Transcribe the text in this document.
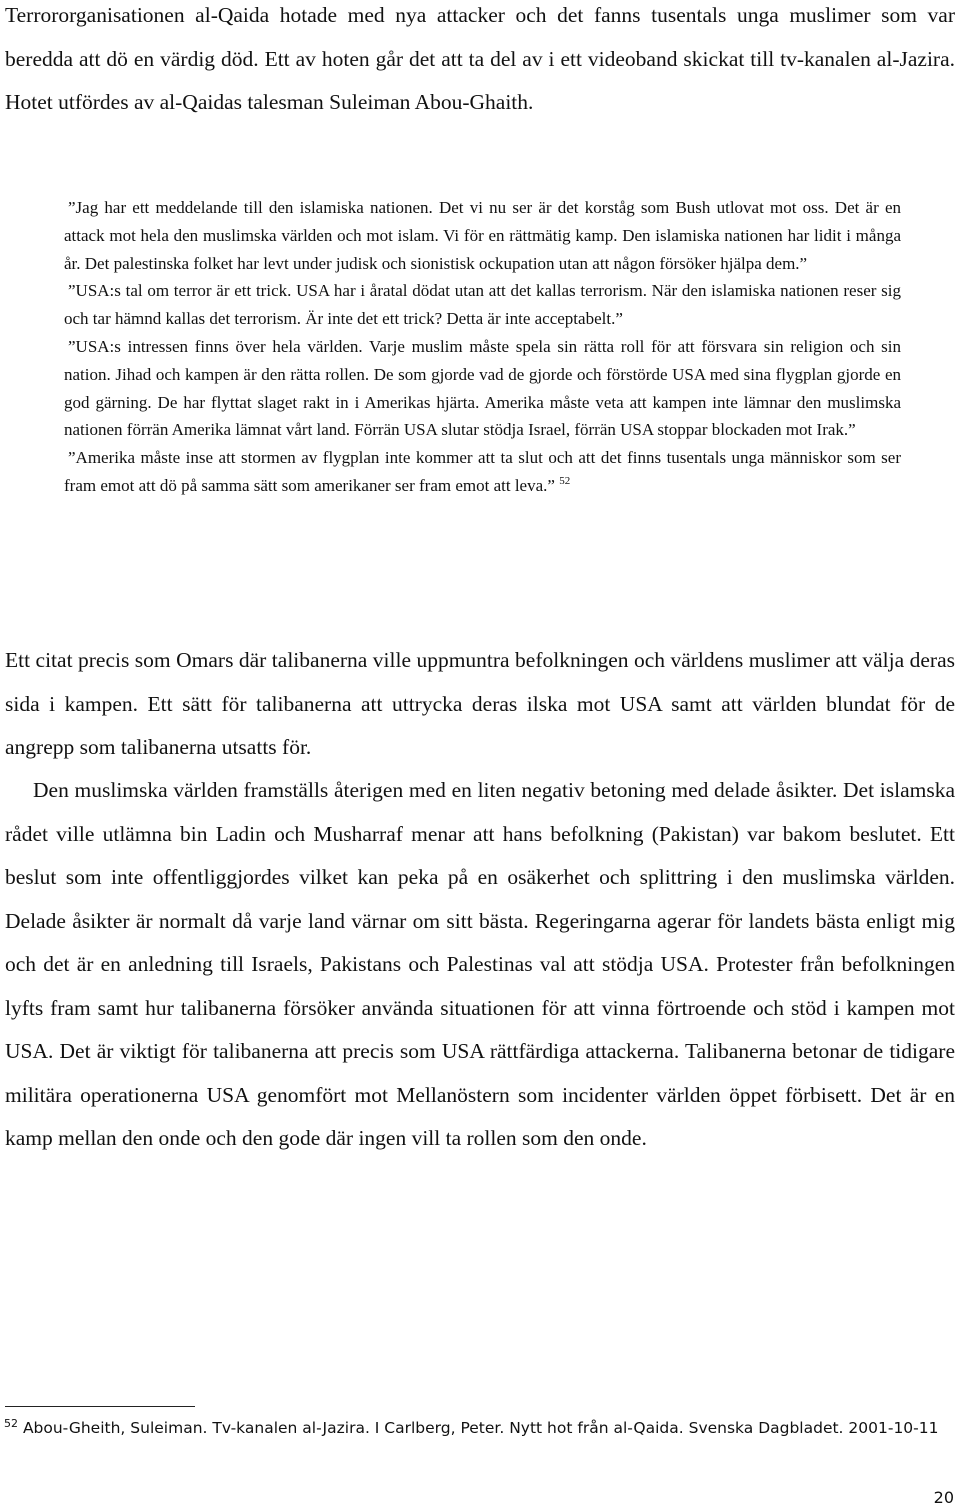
Terrororganisationen al-Qaida hotade med nya attacker och det fanns tusentals unga muslimer som var beredda att dö en värdig död. Ett av hoten går det att ta del av i ett videoband skickat till tv-kanalen al-Jazira. Hotet utfördes av al-Qaidas talesman Suleiman Abou-Ghaith.

”Jag har ett meddelande till den islamiska nationen. Det vi nu ser är det korståg som Bush utlovat mot oss. Det är en attack mot hela den muslimska världen och mot islam. Vi för en rättmätig kamp. Den islamiska nationen har lidit i många år. Det palestinska folket har levt under judisk och sionistisk ockupation utan att någon försöker hjälpa dem.”

”USA:s tal om terror är ett trick. USA har i åratal dödat utan att det kallas terrorism. När den islamiska nationen reser sig och tar hämnd kallas det terrorism. Är inte det ett trick? Detta är inte acceptabelt.”

”USA:s intressen finns över hela världen. Varje muslim måste spela sin rätta roll för att försvara sin religion och sin nation. Jihad och kampen är den rätta rollen. De som gjorde vad de gjorde och förstörde USA med sina flygplan gjorde en god gärning. De har flyttat slaget rakt in i Amerikas hjärta. Amerika måste veta att kampen inte lämnar den muslimska nationen förrän Amerika lämnat vårt land. Förrän USA slutar stödja Israel, förrän USA stoppar blockaden mot Irak.”

”Amerika måste inse att stormen av flygplan inte kommer att ta slut och att det finns tusentals unga människor som ser fram emot att dö på samma sätt som amerikaner ser fram emot att leva.” $^{52}$

Ett citat precis som Omars där talibanerna ville uppmuntra befolkningen och världens muslimer att välja deras sida i kampen. Ett sätt för talibanerna att uttrycka deras ilska mot USA samt att världen blundat för de angrepp som talibanerna utsatts för.

Den muslimska världen framställs återigen med en liten negativ betoning med delade åsikter. Det islamska rådet ville utlämna bin Ladin och Musharraf menar att hans befolkning (Pakistan) var bakom beslutet. Ett beslut som inte offentliggjordes vilket kan peka på en osäkerhet och splittring i den muslimska världen. Delade åsikter är normalt då varje land värnar om sitt bästa. Regeringarna agerar för landets bästa enligt mig och det är en anledning till Israels, Pakistans och Palestinas val att stödja USA. Protester från befolkningen lyfts fram samt hur talibanerna försöker använda situationen för att vinna förtroende och stöd i kampen mot USA. Det är viktigt för talibanerna att precis som USA rättfärdiga attackerna. Talibanerna betonar de tidigare militära operationerna USA genomfört mot Mellanöstern som incidenter världen öppet förbisett. Det är en kamp mellan den onde och den gode där ingen vill ta rollen som den onde.

$^{52}$ Abou-Gheith, Suleiman. Tv-kanalen al-Jazira. I Carlberg, Peter. Nytt hot från al-Qaida. Svenska Dagbladet. 2001-10-11
20
